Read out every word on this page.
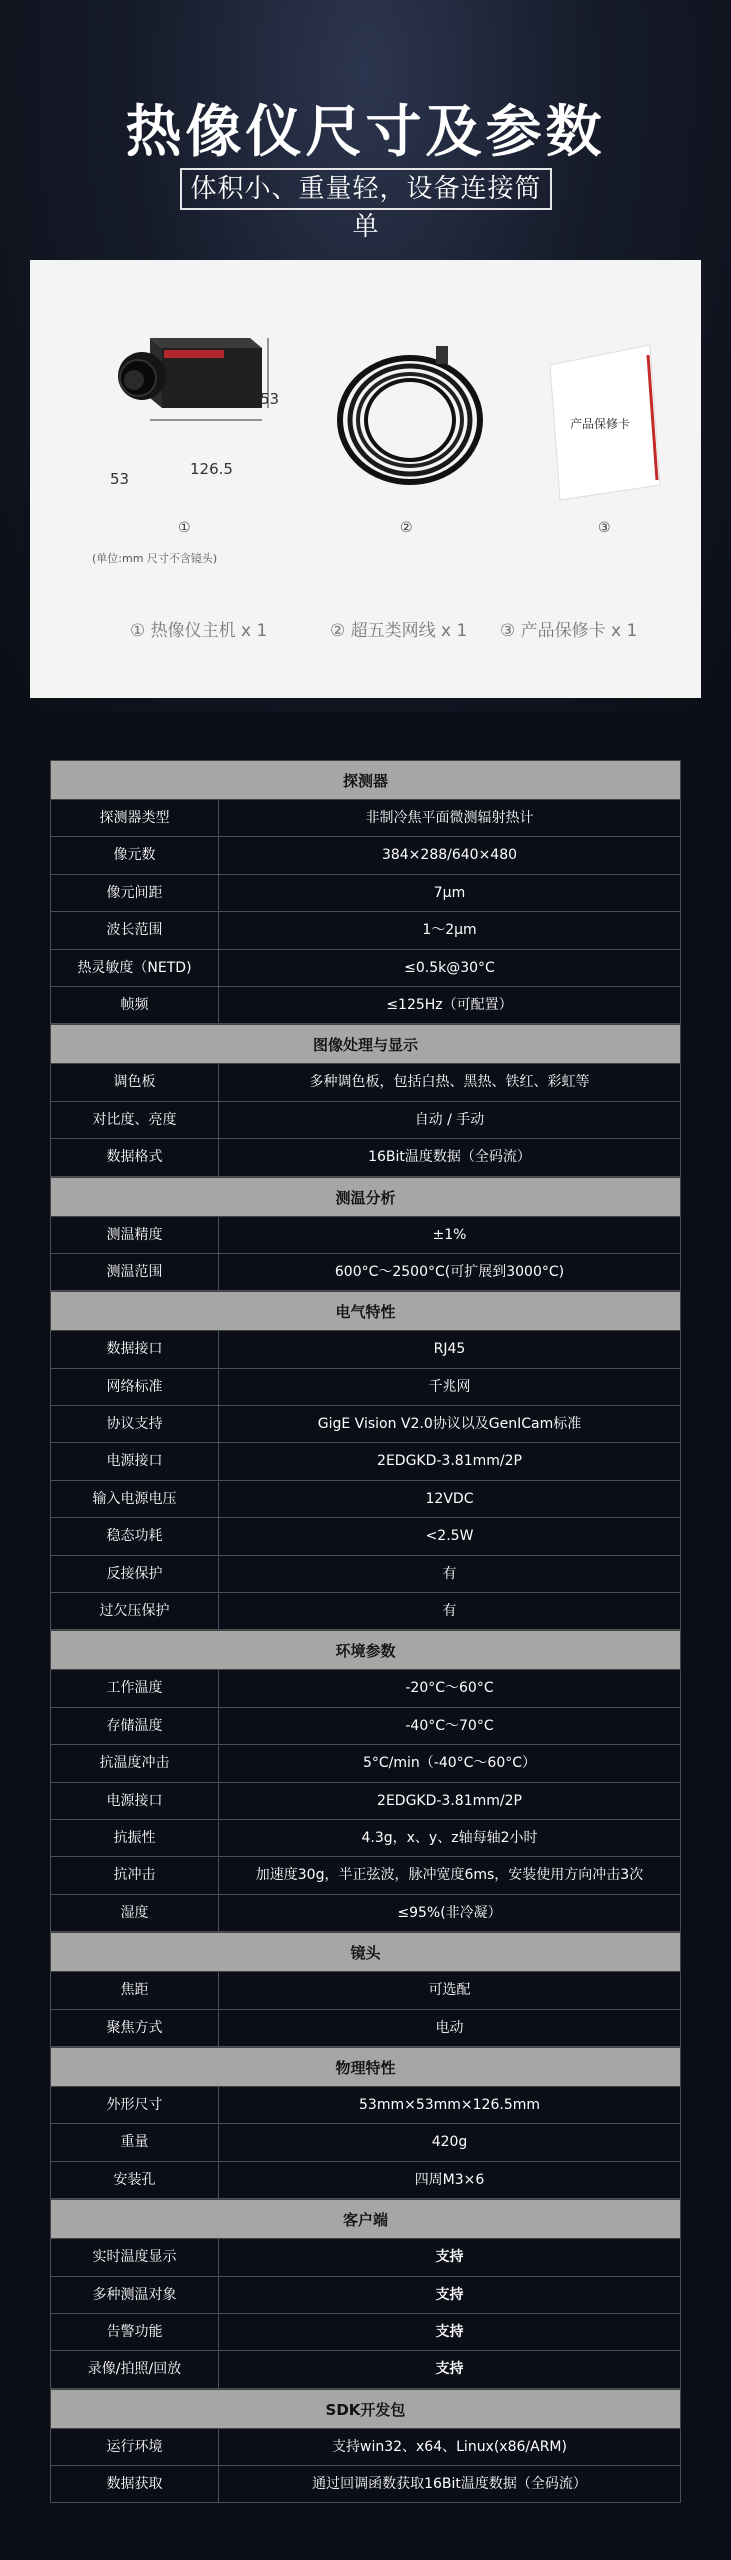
热像仪尺寸及参数
体积小、重量轻，设备连接简单
53
53
126.5
①
(单位:mm 尺寸不含镜头)
②
产品保修卡
③
① 热像仪主机 x 1	② 超五类网线 x 1 ③ 产品保修卡 x 1
探测器
探测器类型	非制冷焦平面微测辐射热计
像元数	384×288/640×480
像元间距	7μm
波长范围	1～2μm
热灵敏度（NETD)	≤0.5k@30°C
帧频	≤125Hz（可配置）
图像处理与显示
调色板	多种调色板，包括白热、黑热、铁红、彩虹等
对比度、亮度	自动 / 手动
数据格式	16Bit温度数据（全码流）
测温分析
测温精度	±1%
测温范围	600°C～2500°C(可扩展到3000°C)
电气特性
数据接口	RJ45
网络标准	千兆网
协议支持	GigE Vision V2.0协议以及GenICam标准
电源接口	2EDGKD-3.81mm/2P
输入电源电压	12VDC
稳态功耗	<2.5W
反接保护	有
过欠压保护	有
环境参数
工作温度	-20°C～60°C
存储温度	-40°C～70°C
抗温度冲击	5°C/min（-40°C～60°C）
电源接口	2EDGKD-3.81mm/2P
抗振性	4.3g，x、y、z轴每轴2小时
抗冲击	加速度30g，半正弦波，脉冲宽度6ms，安装使用方向冲击3次
湿度	≤95%(非冷凝）
镜头
焦距	可选配
聚焦方式	电动
物理特性
外形尺寸	53mm×53mm×126.5mm
重量	420g
安装孔	四周M3×6
客户端
实时温度显示	支持
多种测温对象	支持
告警功能	支持
录像/拍照/回放	支持
SDK开发包
运行环境	支持win32、x64、Linux(x86/ARM)
数据获取	通过回调函数获取16Bit温度数据（全码流）
